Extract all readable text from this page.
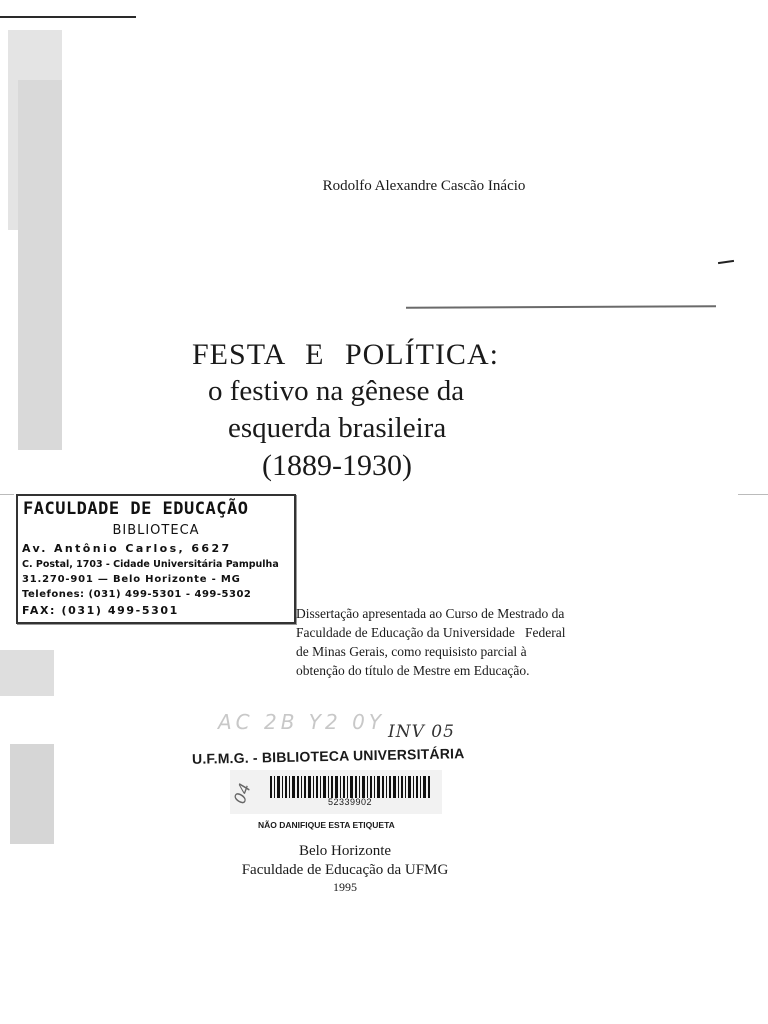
Rodolfo Alexandre Cascão Inácio
FESTA E POLÍTICA:
o festivo na gênese da
esquerda brasileira
(1889-1930)
FACULDADE DE EDUCAÇÃO
BIBLIOTECA
Av. Antônio Carlos, 6627
C. Postal, 1703 - Cidade Universitária Pampulha
31.270-901 — Belo Horizonte - MG
Telefones: (031) 499-5301 - 499-5302
FAX: (031) 499-5301	Dissertação apresentada ao Curso de Mestrado da
Faculdade de Educação da Universidade   Federal
de Minas Gerais, como requisisto parcial à
obtenção do título de Mestre em Educação.
AC 2B Y2 0Y INV 05
U.F.M.G. - BIBLIOTECA UNIVERSITÁRIA
52339902
04
NÃO DANIFIQUE ESTA ETIQUETA
Belo Horizonte
Faculdade de Educação da UFMG
1995
